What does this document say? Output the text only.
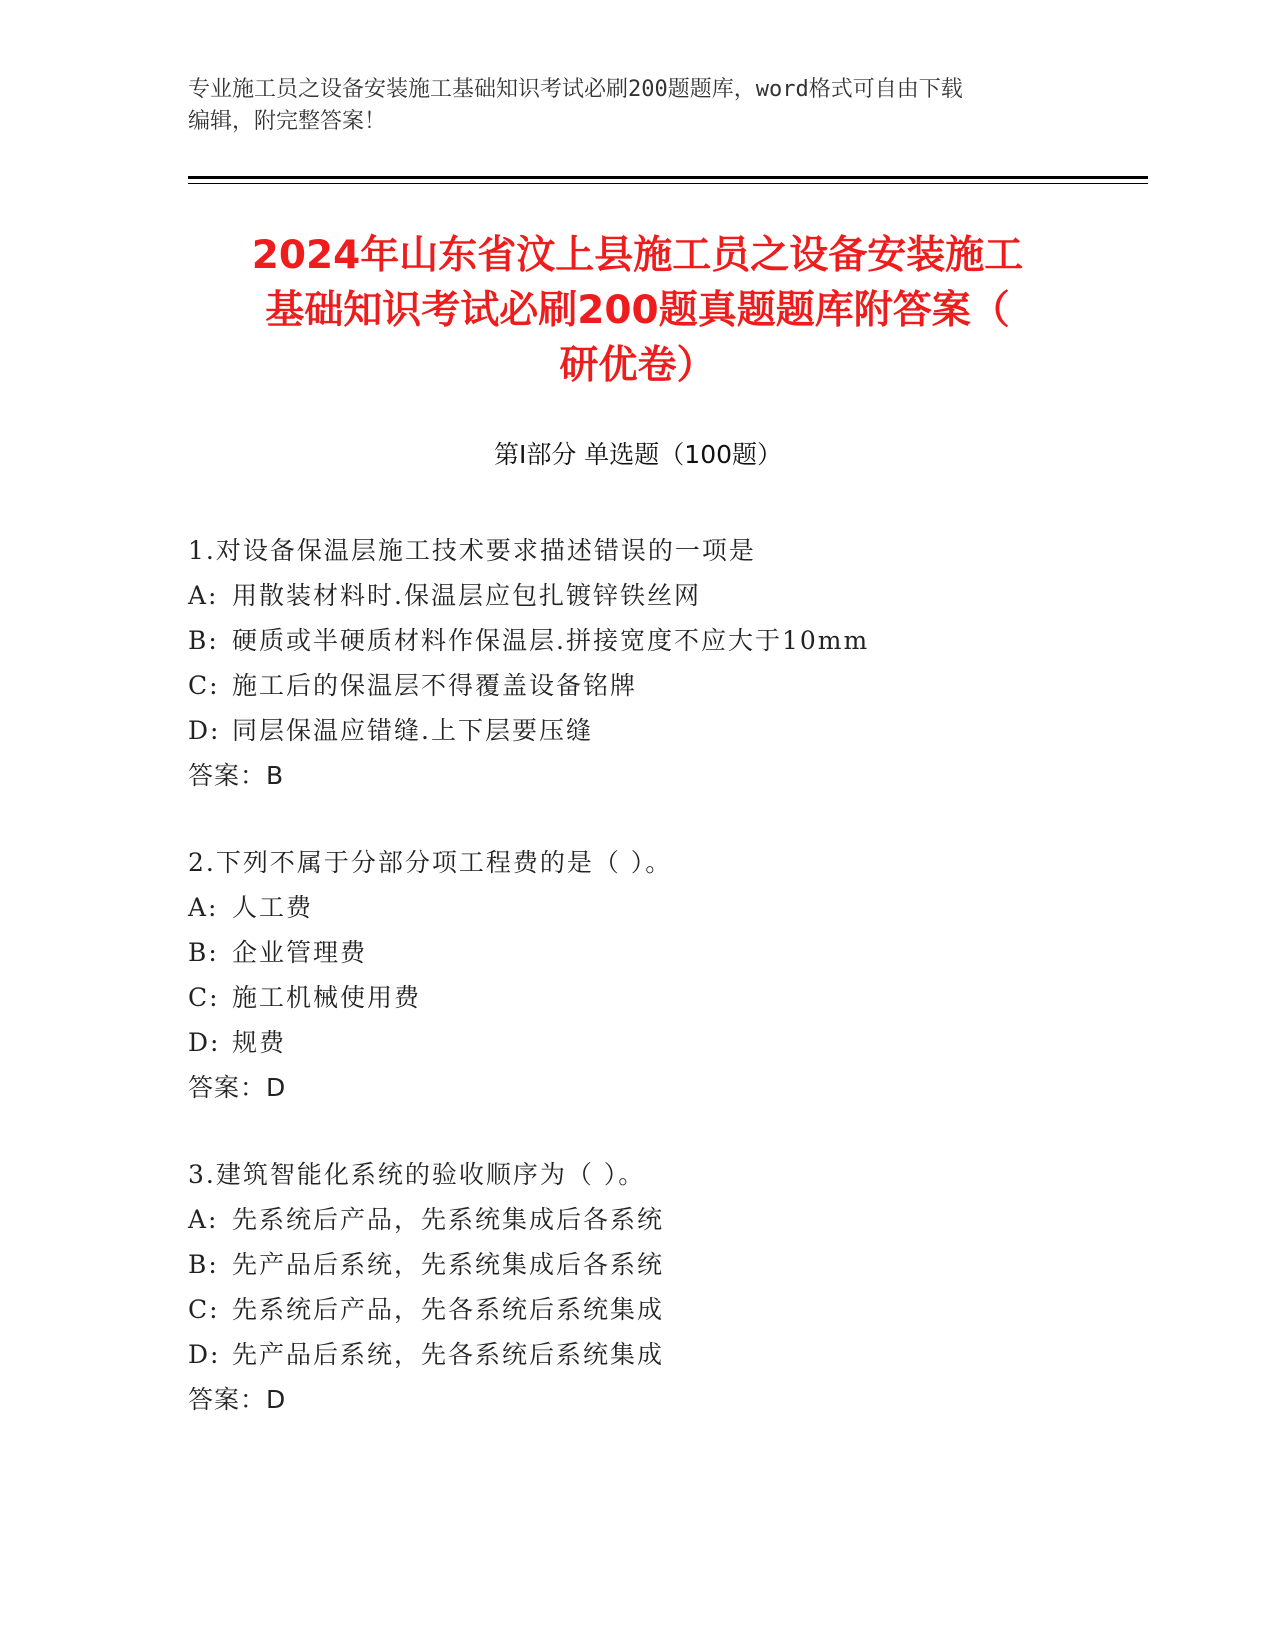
专业施工员之设备安装施工基础知识考试必刷200题题库，word格式可自由下载
编辑，附完整答案！
2024年山东省汶上县施工员之设备安装施工
基础知识考试必刷200题真题题库附答案（
研优卷）
第I部分 单选题（100题）
1.对设备保温层施工技术要求描述错误的一项是
A: 用散装材料时.保温层应包扎镀锌铁丝网
B: 硬质或半硬质材料作保温层.拼接宽度不应大于10mm
C: 施工后的保温层不得覆盖设备铭牌
D: 同层保温应错缝.上下层要压缝
答案：B
2.下列不属于分部分项工程费的是（ ）。
A: 人工费
B: 企业管理费
C: 施工机械使用费
D: 规费
答案：D
3.建筑智能化系统的验收顺序为（ ）。
A: 先系统后产品，先系统集成后各系统
B: 先产品后系统，先系统集成后各系统
C: 先系统后产品，先各系统后系统集成
D: 先产品后系统，先各系统后系统集成
答案：D
